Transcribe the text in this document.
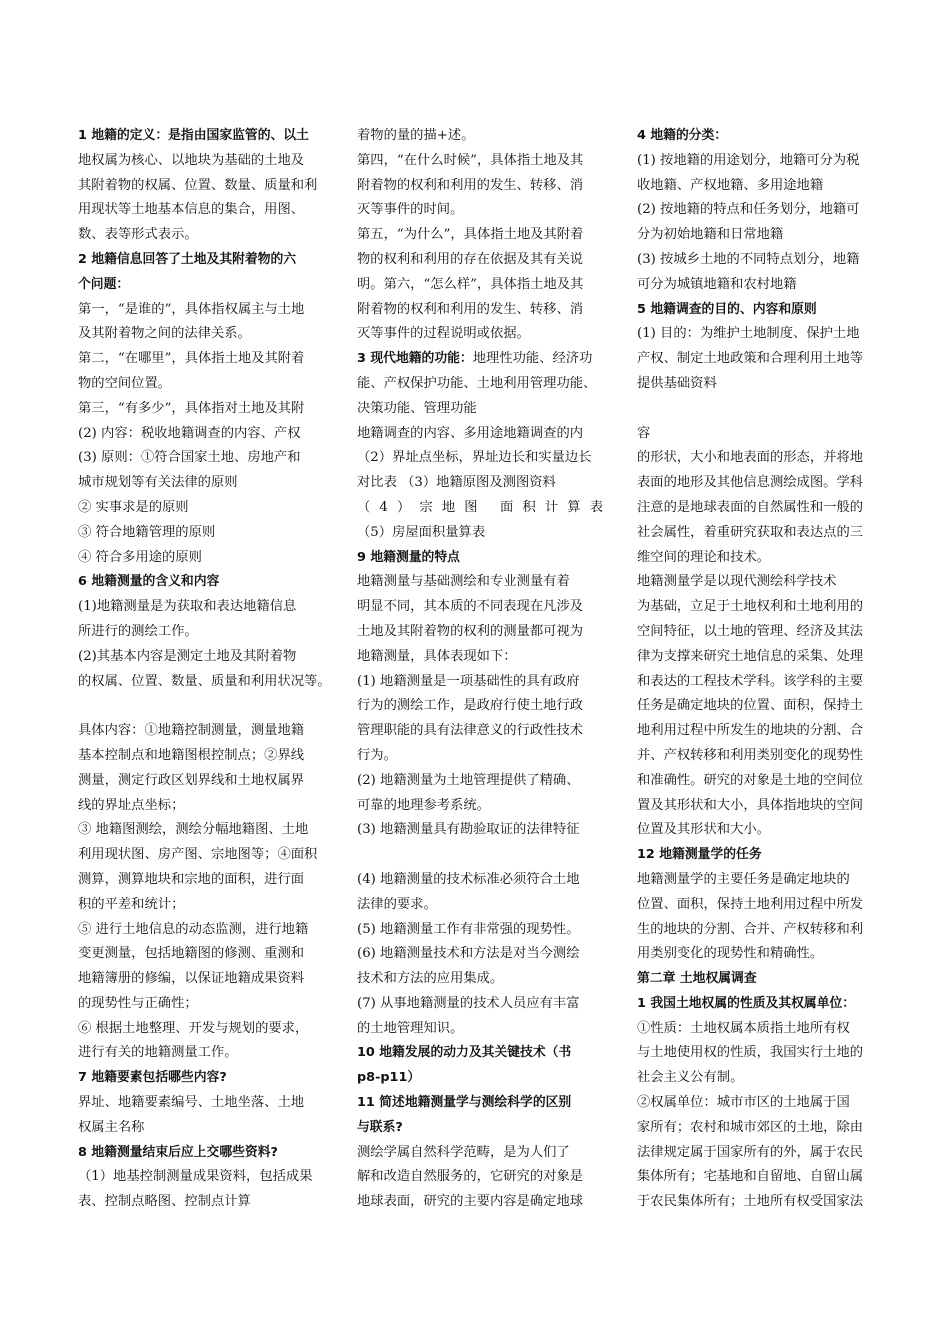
1 地籍的定义：是指由国家监管的、以土
地权属为核心、以地块为基础的土地及
其附着物的权属、位置、数量、质量和利
用现状等土地基本信息的集合，用图、
数、表等形式表示。
2 地籍信息回答了土地及其附着物的六
个问题：
第一，“是谁的”，具体指权属主与土地
及其附着物之间的法律关系。
第二，“在哪里”，具体指土地及其附着
物的空间位置。
第三，“有多少”，具体指对土地及其附
(2) 内容：税收地籍调查的内容、产权
(3) 原则：①符合国家土地、房地产和
城市规划等有关法律的原则
② 实事求是的原则
③ 符合地籍管理的原则
④ 符合多用途的原则
6 地籍测量的含义和内容
(1)地籍测量是为获取和表达地籍信息
所进行的测绘工作。
(2)其基本内容是测定土地及其附着物
的权属、位置、数量、质量和利用状况等。
具体内容：①地籍控制测量，测量地籍
基本控制点和地籍图根控制点；②界线
测量，测定行政区划界线和土地权属界
线的界址点坐标；
③ 地籍图测绘，测绘分幅地籍图、土地
利用现状图、房产图、宗地图等；④面积
测算，测算地块和宗地的面积，进行面
积的平差和统计；
⑤ 进行土地信息的动态监测，进行地籍
变更测量，包括地籍图的修测、重测和
地籍簿册的修编，以保证地籍成果资料
的现势性与正确性；
⑥ 根据土地整理、开发与规划的要求，
进行有关的地籍测量工作。
7 地籍要素包括哪些内容?
界址、地籍要素编号、土地坐落、土地
权属主名称
8 地籍测量结束后应上交哪些资料?
（1）地基控制测量成果资料，包括成果
表、控制点略图、控制点计算
着物的量的描+述。
第四，“在什么时候”，具体指土地及其
附着物的权利和利用的发生、转移、消
灭等事件的时间。
第五，“为什么”，具体指土地及其附着
物的权利和利用的存在依据及其有关说
明。第六，“怎么样”，具体指土地及其
附着物的权利和利用的发生、转移、消
灭等事件的过程说明或依据。
3 现代地籍的功能：地理性功能、经济功
能、产权保护功能、土地利用管理功能、
决策功能、管理功能
地籍调查的内容、多用途地籍调查的内
（2）界址点坐标，界址边长和实量边长
对比表 （3）地籍原图及测图资料
（4）宗地图 面积计算表
（5）房屋面积量算表
9 地籍测量的特点
地籍测量与基础测绘和专业测量有着
明显不同，其本质的不同表现在凡涉及
土地及其附着物的权利的测量都可视为
地籍测量，具体表现如下：
(1) 地籍测量是一项基础性的具有政府
行为的测绘工作，是政府行使土地行政
管理职能的具有法律意义的行政性技术
行为。
(2) 地籍测量为土地管理提供了精确、
可靠的地理参考系统。
(3) 地籍测量具有勘验取证的法律特征
(4) 地籍测量的技术标准必须符合土地
法律的要求。
(5) 地籍测量工作有非常强的现势性。
(6) 地籍测量技术和方法是对当今测绘
技术和方法的应用集成。
(7) 从事地籍测量的技术人员应有丰富
的土地管理知识。
10 地籍发展的动力及其关键技术（书
p8-p11）
11 简述地籍测量学与测绘科学的区别
与联系?
测绘学属自然科学范畴，是为人们了
解和改造自然服务的，它研究的对象是
地球表面，研究的主要内容是确定地球
4 地籍的分类：
(1) 按地籍的用途划分，地籍可分为税
收地籍、产权地籍、多用途地籍
(2) 按地籍的特点和任务划分，地籍可
分为初始地籍和日常地籍
(3) 按城乡土地的不同特点划分，地籍
可分为城镇地籍和农村地籍
5 地籍调查的目的、内容和原则
(1) 目的：为维护土地制度、保护土地
产权、制定土地政策和合理利用土地等
提供基础资料
容
的形状，大小和地表面的形态，并将地
表面的地形及其他信息测绘成图。学科
注意的是地球表面的自然属性和一般的
社会属性，着重研究获取和表达点的三
维空间的理论和技术。
地籍测量学是以现代测绘科学技术
为基础，立足于土地权利和土地利用的
空间特征，以土地的管理、经济及其法
律为支撑来研究土地信息的采集、处理
和表达的工程技术学科。该学科的主要
任务是确定地块的位置、面积，保持土
地利用过程中所发生的地块的分割、合
并、产权转移和利用类别变化的现势性
和准确性。研究的对象是土地的空间位
置及其形状和大小，具体指地块的空间
位置及其形状和大小。
12 地籍测量学的任务
地籍测量学的主要任务是确定地块的
位置、面积，保持土地利用过程中所发
生的地块的分割、合并、产权转移和利
用类别变化的现势性和精确性。
第二章 土地权属调查
1 我国土地权属的性质及其权属单位：
①性质：土地权属本质指土地所有权
与土地使用权的性质，我国实行土地的
社会主义公有制。
②权属单位：城市市区的土地属于国
家所有；农村和城市郊区的土地，除由
法律规定属于国家所有的外，属于农民
集体所有；宅基地和自留地、自留山属
于农民集体所有；土地所有权受国家法
